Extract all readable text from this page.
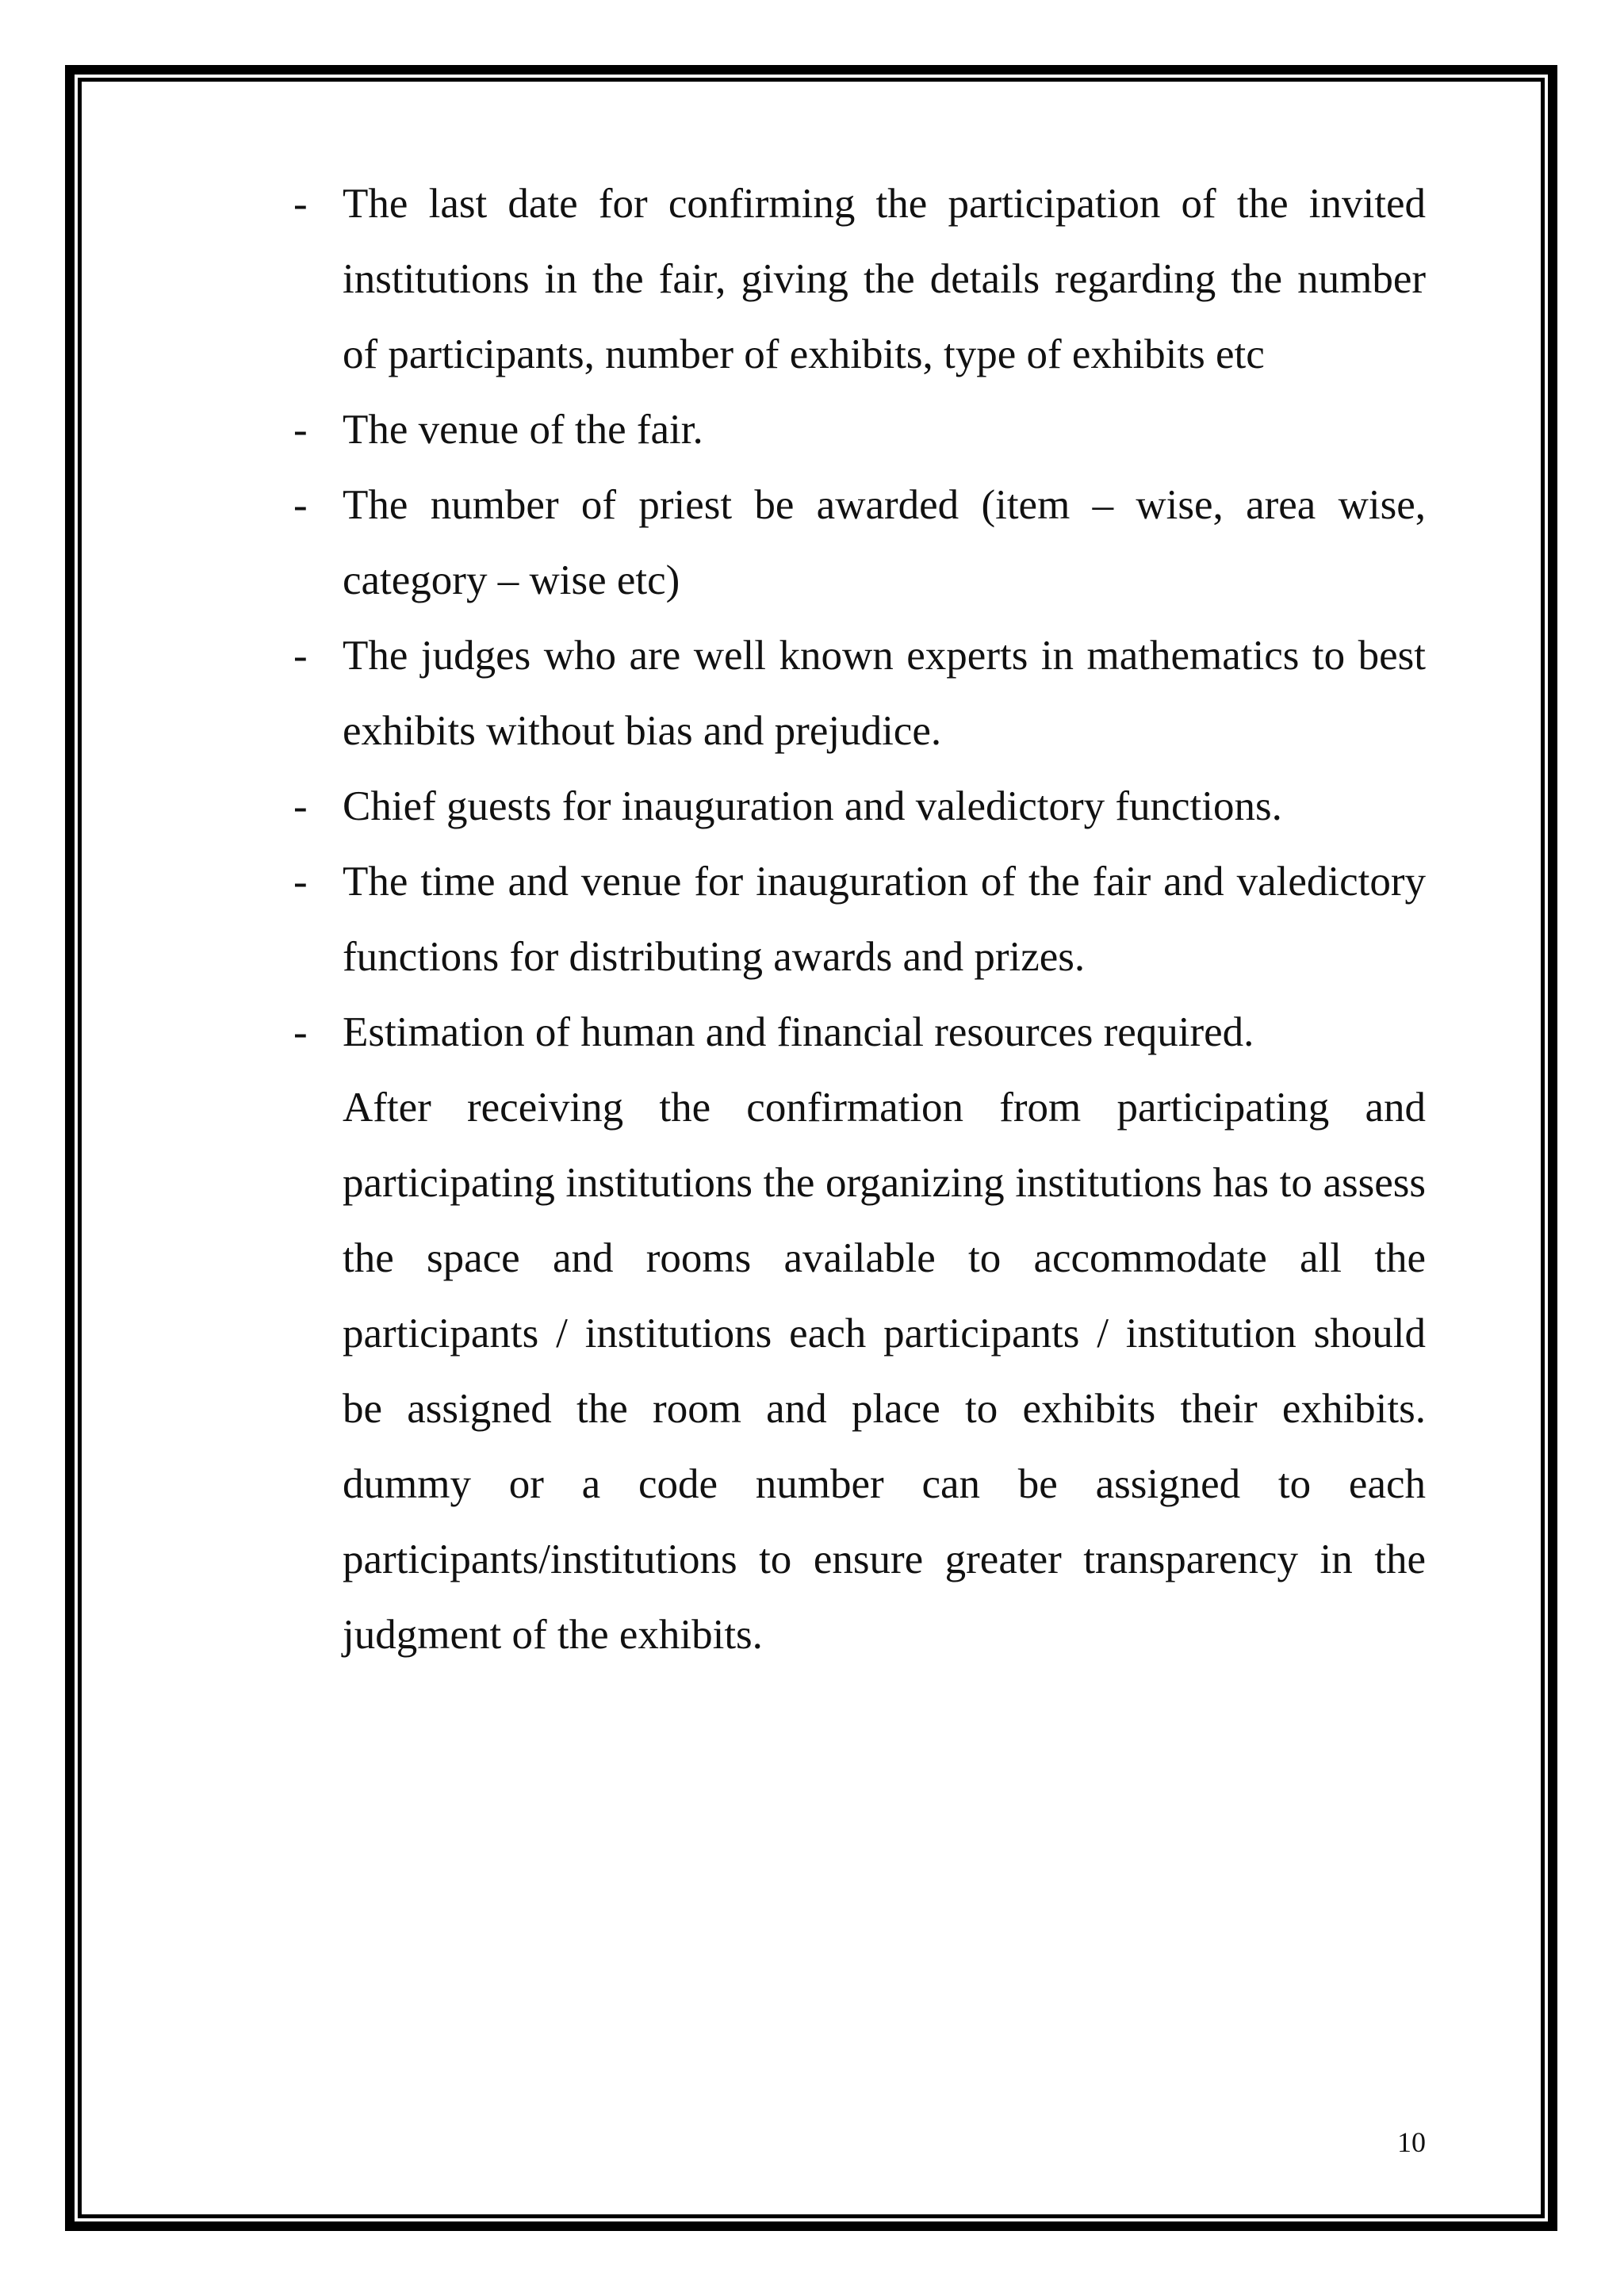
- The last date for confirming the participation of the invited institutions in the fair, giving the details regarding the number of participants, number of exhibits, type of exhibits etc
- The venue of the fair.
- The number of priest be awarded (item – wise, area wise, category – wise etc)
- The judges who are well known experts in mathematics to best exhibits without bias and prejudice.
- Chief guests for inauguration and valedictory functions.
- The time and venue for inauguration of the fair and valedictory functions for distributing awards and prizes.
- Estimation of human and financial resources required.

After receiving the confirmation from participating and participating institutions the organizing institutions has to assess the space and rooms available to accommodate all the participants / institutions each participants / institution should be assigned the room and place to exhibits their exhibits. dummy or a code number can be assigned to each participants/institutions to ensure greater transparency in the judgment of the exhibits.

10
